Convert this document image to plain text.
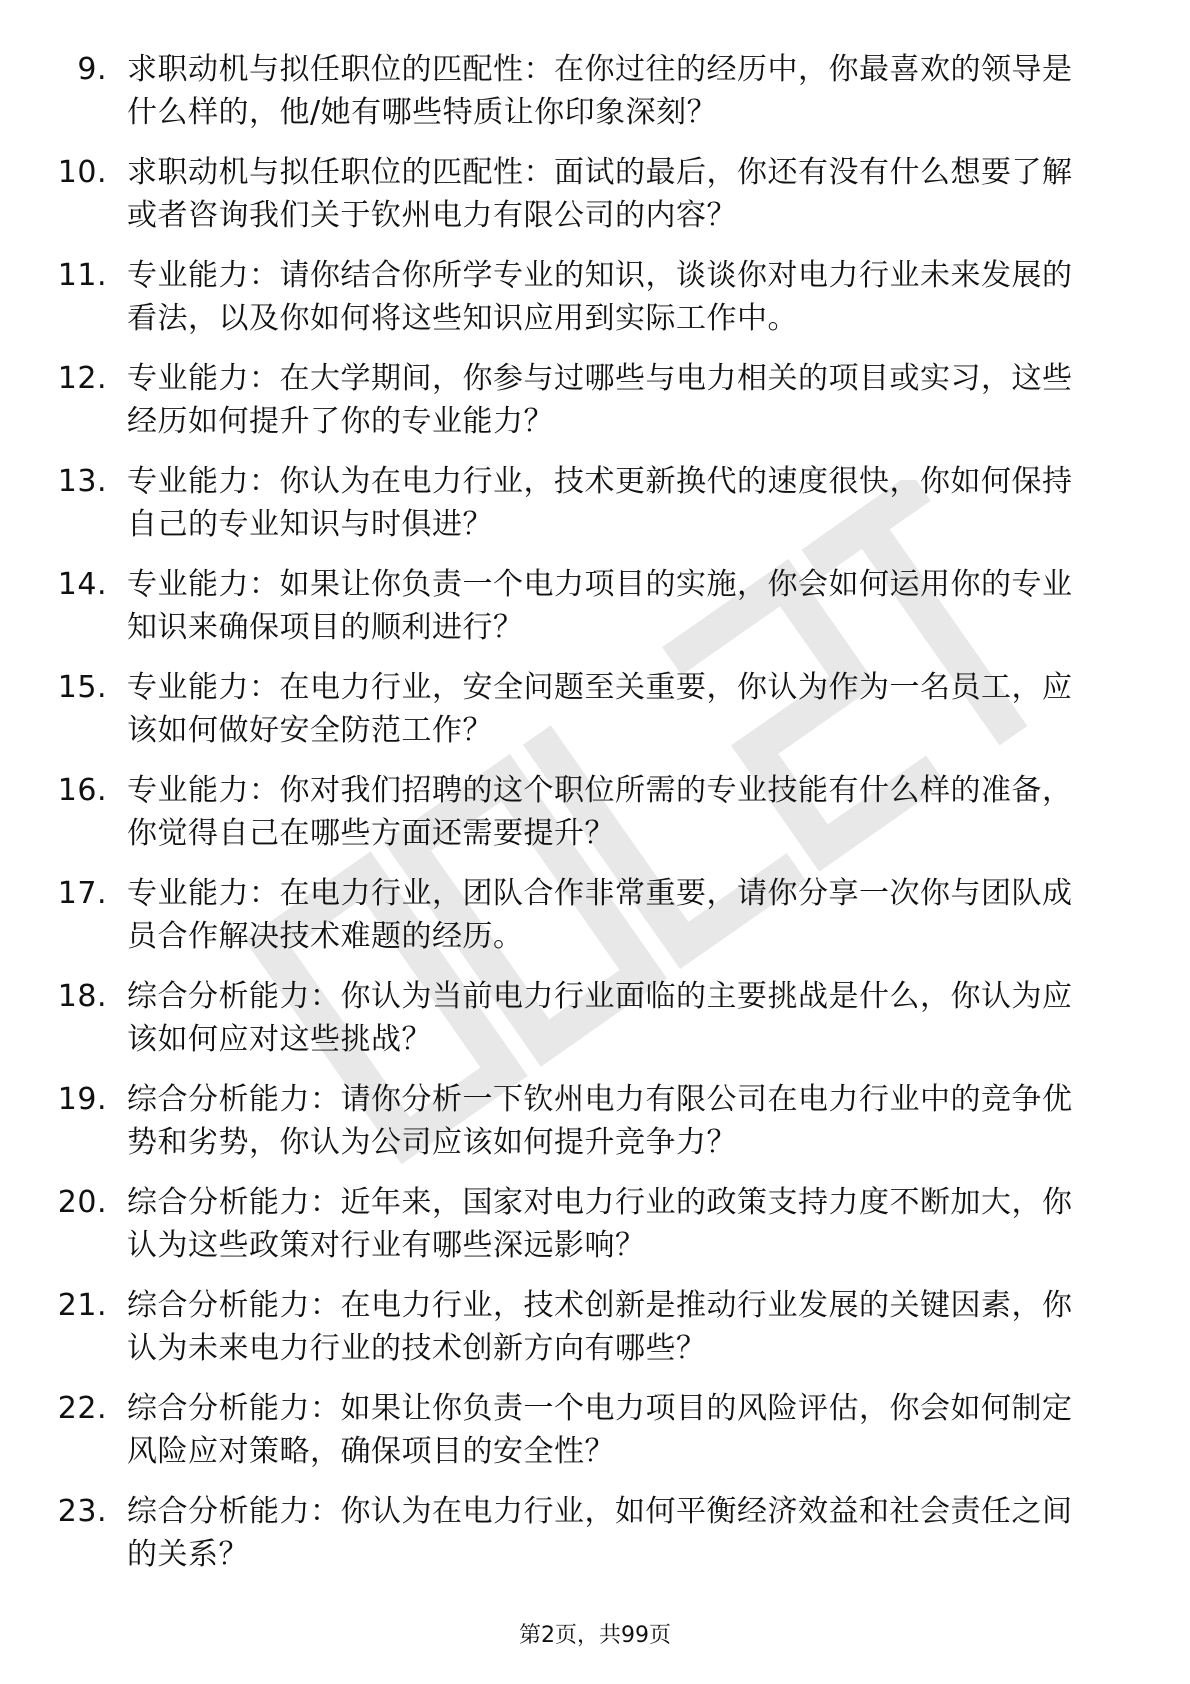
9. 求职动机与拟任职位的匹配性：在你过往的经历中，你最喜欢的领导是什么样的，他/她有哪些特质让你印象深刻？
10. 求职动机与拟任职位的匹配性：面试的最后，你还有没有什么想要了解或者咨询我们关于钦州电力有限公司的内容？
11. 专业能力：请你结合你所学专业的知识，谈谈你对电力行业未来发展的看法，以及你如何将这些知识应用到实际工作中。
12. 专业能力：在大学期间，你参与过哪些与电力相关的项目或实习，这些经历如何提升了你的专业能力？
13. 专业能力：你认为在电力行业，技术更新换代的速度很快，你如何保持自己的专业知识与时俱进？
14. 专业能力：如果让你负责一个电力项目的实施，你会如何运用你的专业知识来确保项目的顺利进行？
15. 专业能力：在电力行业，安全问题至关重要，你认为作为一名员工，应该如何做好安全防范工作？
16. 专业能力：你对我们招聘的这个职位所需的专业技能有什么样的准备，你觉得自己在哪些方面还需要提升？
17. 专业能力：在电力行业，团队合作非常重要，请你分享一次你与团队成员合作解决技术难题的经历。
18. 综合分析能力：你认为当前电力行业面临的主要挑战是什么，你认为应该如何应对这些挑战？
19. 综合分析能力：请你分析一下钦州电力有限公司在电力行业中的竞争优势和劣势，你认为公司应该如何提升竞争力？
20. 综合分析能力：近年来，国家对电力行业的政策支持力度不断加大，你认为这些政策对行业有哪些深远影响？
21. 综合分析能力：在电力行业，技术创新是推动行业发展的关键因素，你认为未来电力行业的技术创新方向有哪些？
22. 综合分析能力：如果让你负责一个电力项目的风险评估，你会如何制定风险应对策略，确保项目的安全性？
23. 综合分析能力：你认为在电力行业，如何平衡经济效益和社会责任之间的关系？
第2页，共99页
